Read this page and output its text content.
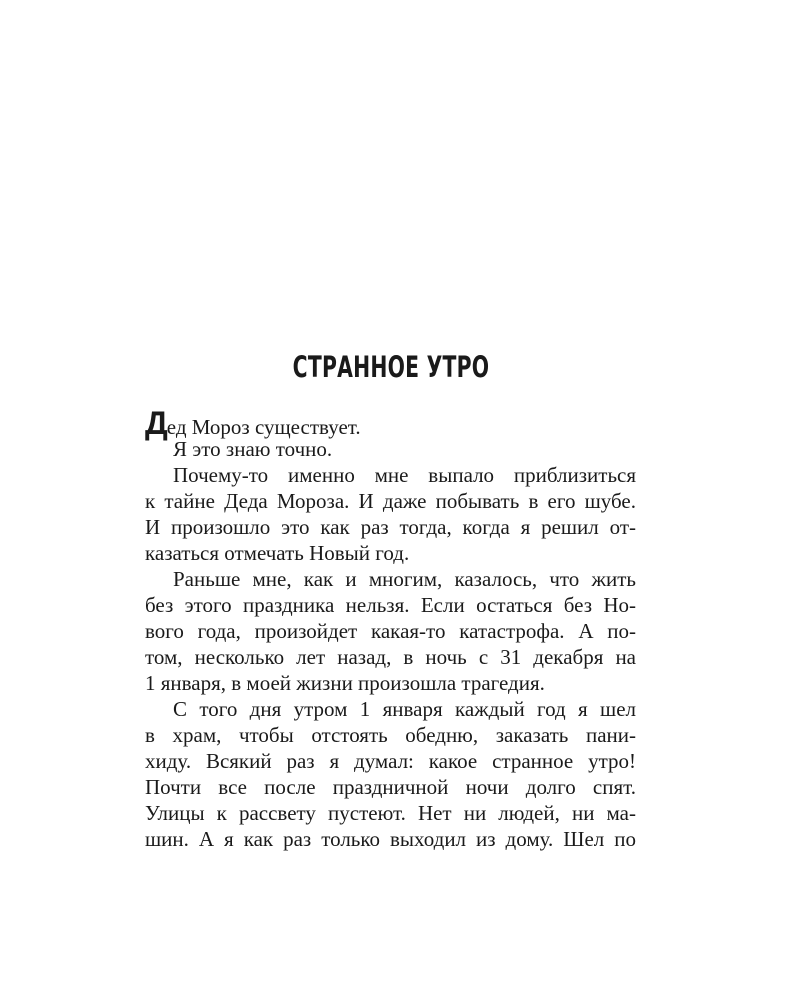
СТРАННОЕ УТРО
Дед Мороз существует.
Я это знаю точно.
Почему-то именно мне выпало приблизиться
к тайне Деда Мороза. И даже побывать в его шубе.
И произошло это как раз тогда, когда я решил от-
казаться отмечать Новый год.
Раньше мне, как и многим, казалось, что жить
без этого праздника нельзя. Если остаться без Но-
вого года, произойдет какая-то катастрофа. А по-
том, несколько лет назад, в ночь с 31 декабря на
1 января, в моей жизни произошла трагедия.
С того дня утром 1 января каждый год я шел
в храм, чтобы отстоять обедню, заказать пани-
хиду. Всякий раз я думал: какое странное утро!
Почти все после праздничной ночи долго спят.
Улицы к рассвету пустеют. Нет ни людей, ни ма-
шин. А я как раз только выходил из дому. Шел по
